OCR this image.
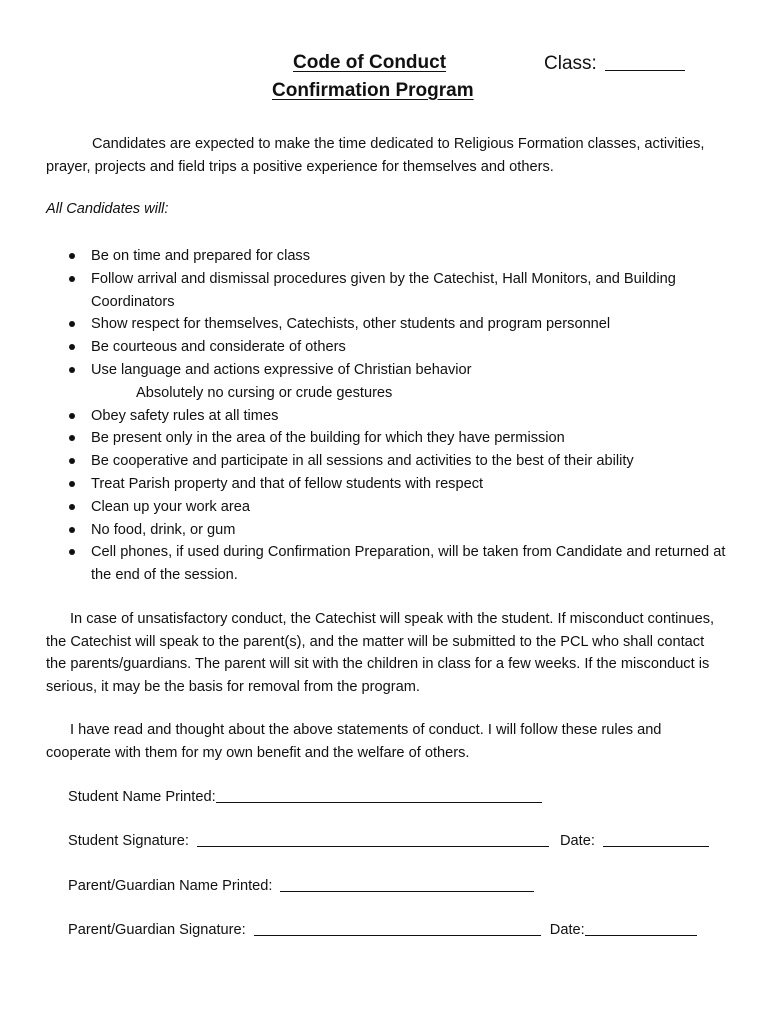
Code of Conduct
Confirmation Program
Class:
Candidates are expected to make the time dedicated to Religious Formation classes, activities, prayer, projects and field trips a positive experience for themselves and others.
All Candidates will:
Be on time and prepared for class
Follow arrival and dismissal procedures given by the Catechist, Hall Monitors, and Building Coordinators
Show respect for themselves, Catechists, other students and program personnel
Be courteous and considerate of others
Use language and actions expressive of Christian behavior
Absolutely no cursing or crude gestures
Obey safety rules at all times
Be present only in the area of the building for which they have permission
Be cooperative and participate in all sessions and activities to the best of their ability
Treat Parish property and that of fellow students with respect
Clean up your work area
No food, drink, or gum
Cell phones, if used during Confirmation Preparation, will be taken from Candidate and returned at the end of the session.
In case of unsatisfactory conduct, the Catechist will speak with the student. If misconduct continues, the Catechist will speak to the parent(s), and the matter will be submitted to the PCL who shall contact the parents/guardians. The parent will sit with the children in class for a few weeks. If the misconduct is serious, it may be the basis for removal from the program.
I have read and thought about the above statements of conduct. I will follow these rules and cooperate with them for my own benefit and the welfare of others.
Student Name Printed:
Student Signature:	Date:
Parent/Guardian Name Printed:
Parent/Guardian Signature:	Date:
